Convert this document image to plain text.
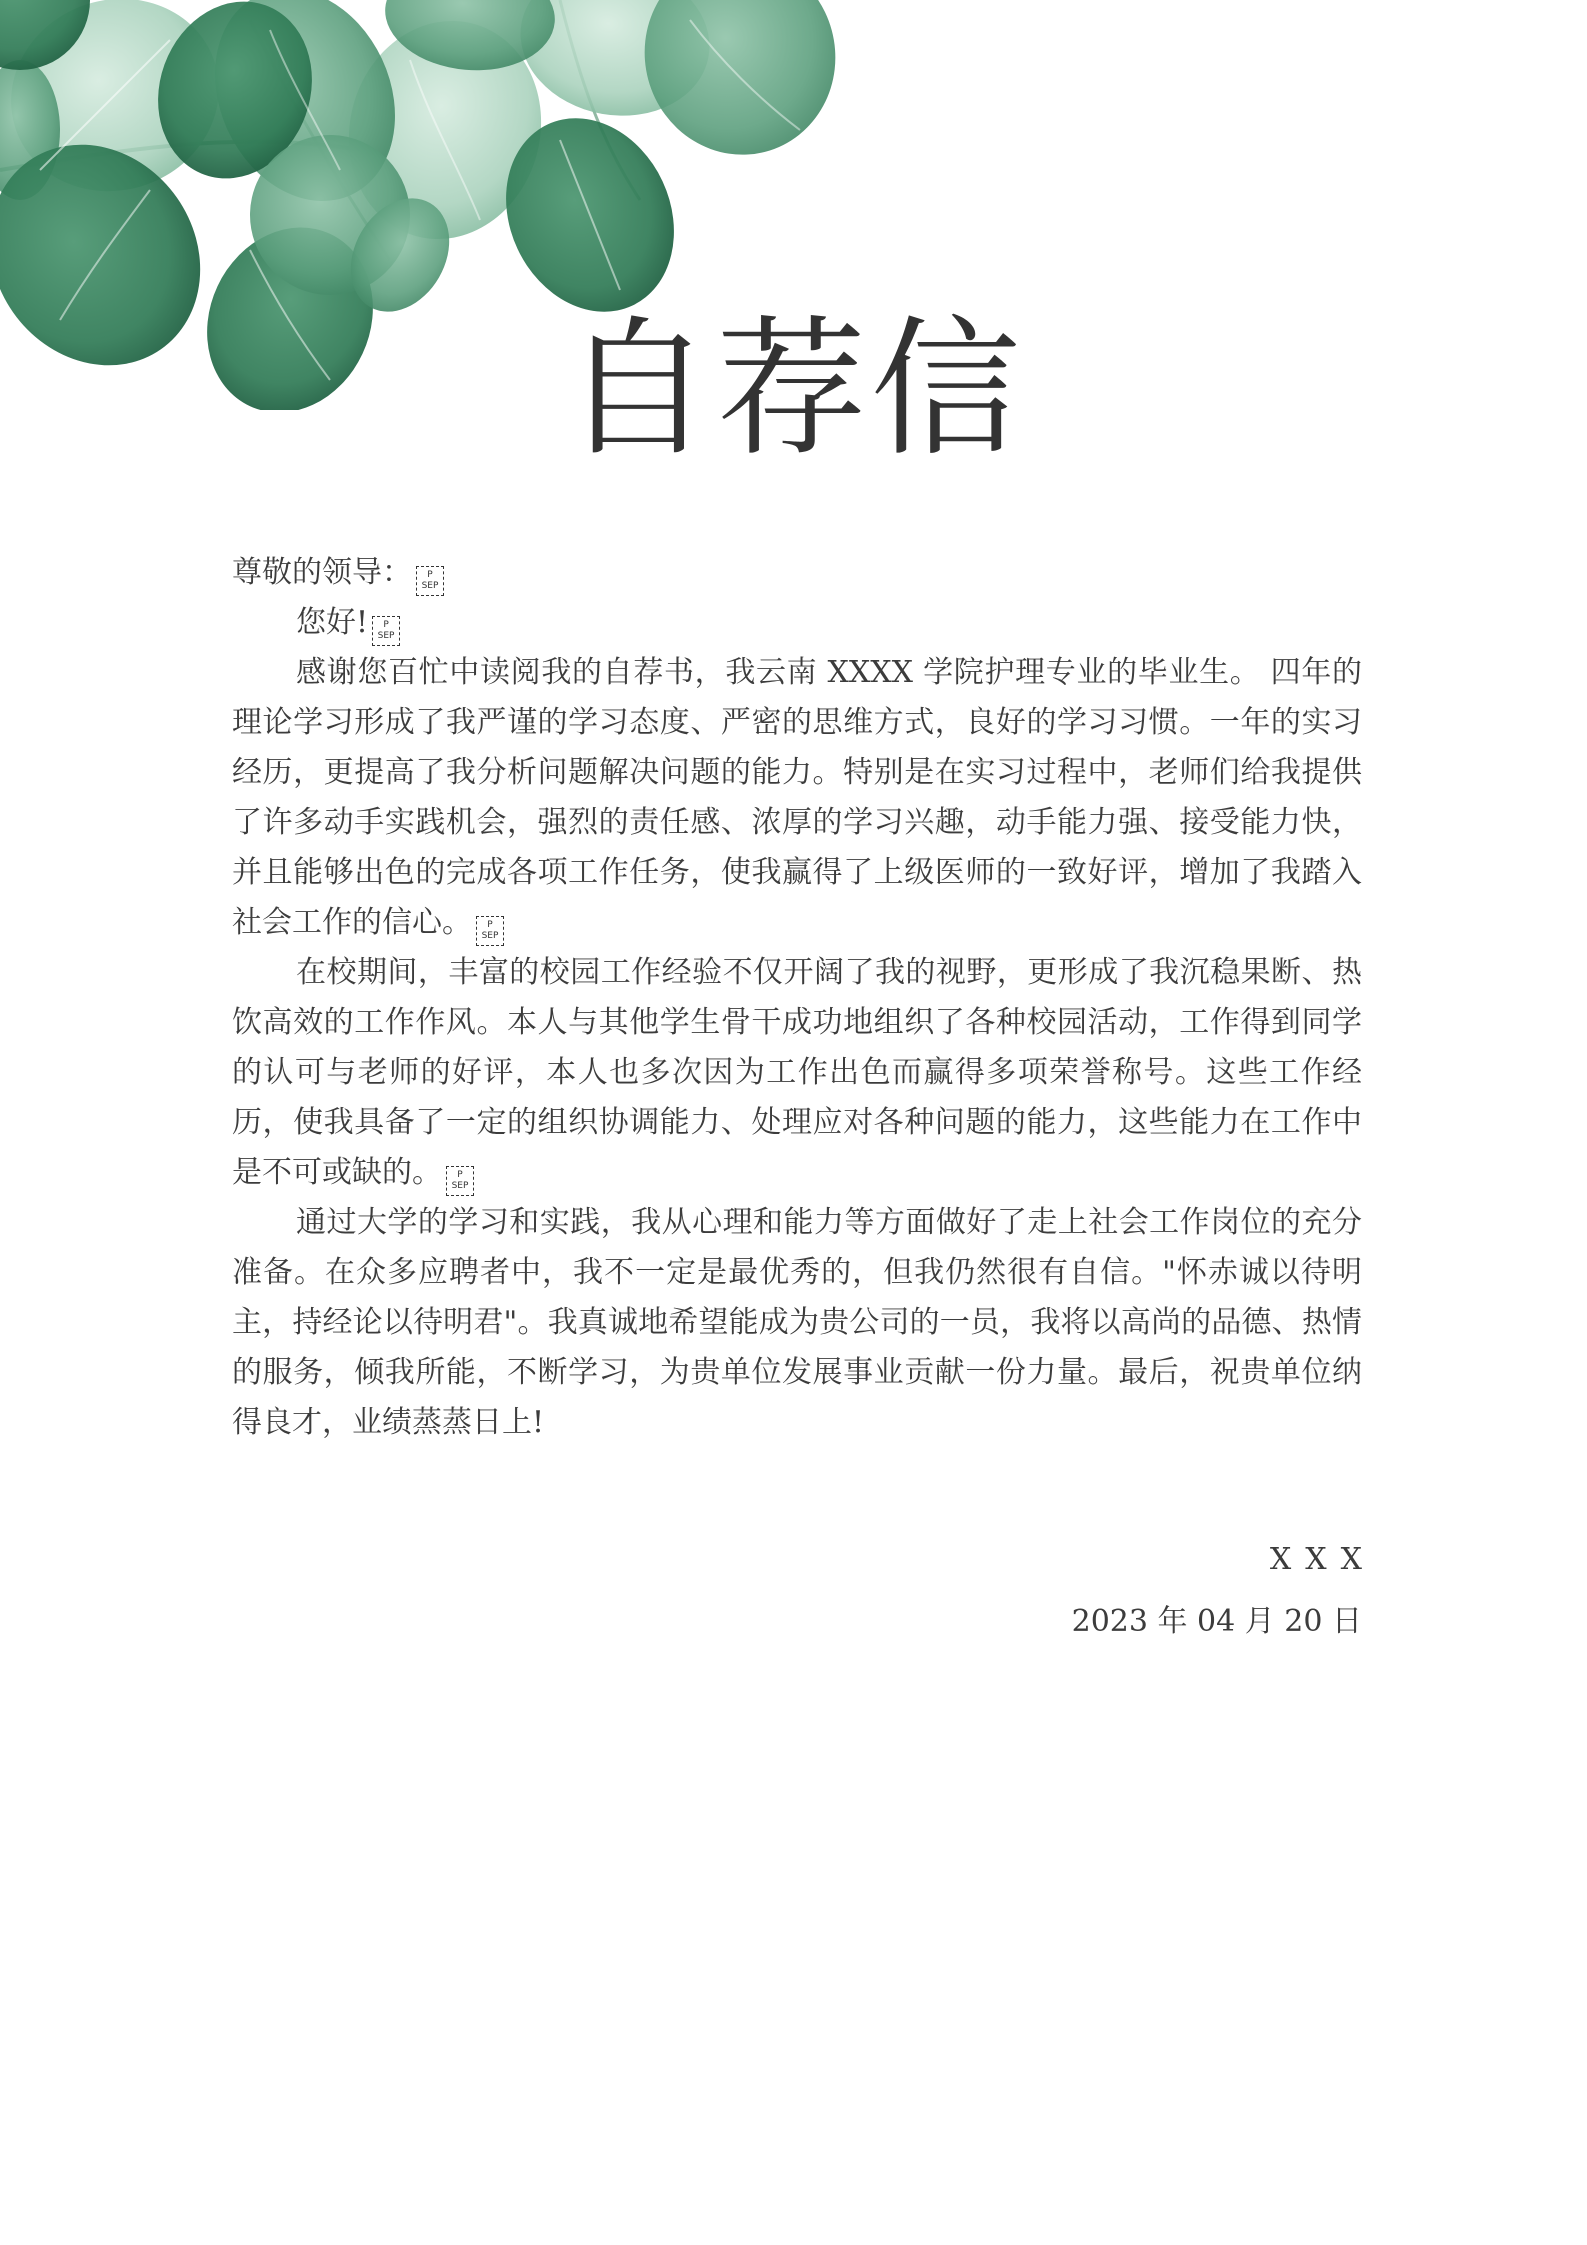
自荐信

尊敬的领导： P
SEP

您好! P
SEP

感谢您百忙中读阅我的自荐书，我云南 XXXX 学院护理专业的毕业生。 四年的理论学习形成了我严谨的学习态度、严密的思维方式，良好的学习习惯。一年的实习经历，更提高了我分析问题解决问题的能力。特别是在实习过程中，老师们给我提供了许多动手实践机会，强烈的责任感、浓厚的学习兴趣，动手能力强、接受能力快，并且能够出色的完成各项工作任务，使我赢得了上级医师的一致好评，增加了我踏入社会工作的信心。 P
SEP

在校期间，丰富的校园工作经验不仅开阔了我的视野，更形成了我沉稳果断、热饮高效的工作作风。本人与其他学生骨干成功地组织了各种校园活动，工作得到同学的认可与老师的好评，本人也多次因为工作出色而赢得多项荣誉称号。这些工作经历，使我具备了一定的组织协调能力、处理应对各种问题的能力，这些能力在工作中是不可或缺的。 P
SEP

通过大学的学习和实践，我从心理和能力等方面做好了走上社会工作岗位的充分准备。在众多应聘者中，我不一定是最优秀的，但我仍然很有自信。"怀赤诚以待明主，持经论以待明君"。我真诚地希望能成为贵公司的一员，我将以高尚的品德、热情的服务，倾我所能，不断学习，为贵单位发展事业贡献一份力量。最后，祝贵单位纳得良才，业绩蒸蒸日上!

XXX
2023 年 04 月 20 日
